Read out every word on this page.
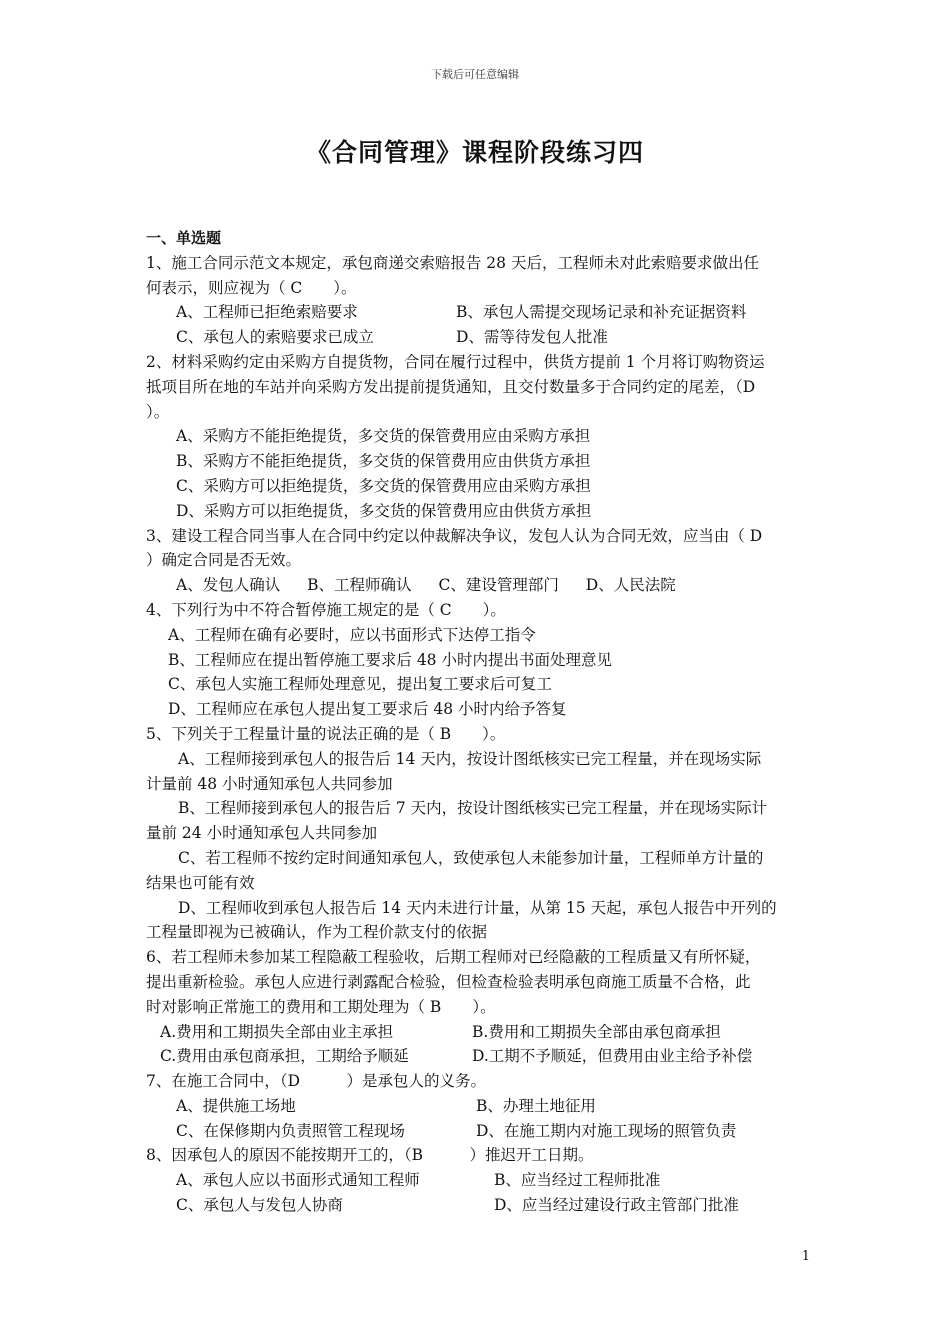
下载后可任意编辑
《合同管理》课程阶段练习四

一、单选题

1、施工合同示范文本规定，承包商递交索赔报告 28 天后，工程师未对此索赔要求做出任
何表示，则应视为（ C　　）。

A、工程师已拒绝索赔要求	B、承包人需提交现场记录和补充证据资料
C、承包人的索赔要求已成立	D、需等待发包人批准

2、材料采购约定由采购方自提货物，合同在履行过程中，供货方提前 1 个月将订购物资运
抵项目所在地的车站并向采购方发出提前提货通知，且交付数量多于合同约定的尾差，（D
）。

A、采购方不能拒绝提货，多交货的保管费用应由采购方承担
B、采购方不能拒绝提货，多交货的保管费用应由供货方承担
C、采购方可以拒绝提货，多交货的保管费用应由采购方承担
D、采购方可以拒绝提货，多交货的保管费用应由供货方承担

3、建设工程合同当事人在合同中约定以仲裁解决争议，发包人认为合同无效，应当由（ D
）确定合同是否无效。

A、发包人确认 B、工程师确认 C、建设管理部门 D、人民法院

4、下列行为中不符合暂停施工规定的是（ C　　）。

A、工程师在确有必要时，应以书面形式下达停工指令
B、工程师应在提出暂停施工要求后 48 小时内提出书面处理意见
C、承包人实施工程师处理意见，提出复工要求后可复工
D、工程师应在承包人提出复工要求后 48 小时内给予答复

5、下列关于工程量计量的说法正确的是（ B　　）。

A、工程师接到承包人的报告后 14 天内，按设计图纸核实已完工程量，并在现场实际
计量前 48 小时通知承包人共同参加
B、工程师接到承包人的报告后 7 天内，按设计图纸核实已完工程量，并在现场实际计
量前 24 小时通知承包人共同参加
C、若工程师不按约定时间通知承包人，致使承包人未能参加计量，工程师单方计量的
结果也可能有效
D、工程师收到承包人报告后 14 天内未进行计量，从第 15 天起，承包人报告中开列的
工程量即视为已被确认，作为工程价款支付的依据

6、若工程师未参加某工程隐蔽工程验收，后期工程师对已经隐蔽的工程质量又有所怀疑，
提出重新检验。承包人应进行剥露配合检验，但检查检验表明承包商施工质量不合格，此
时对影响正常施工的费用和工期处理为（ B　　）。

A.费用和工期损失全部由业主承担	B.费用和工期损失全部由承包商承担
C.费用由承包商承担，工期给予顺延	D.工期不予顺延，但费用由业主给予补偿

7、在施工合同中，（D　　　）是承包人的义务。

A、提供施工场地	B、办理土地征用
C、在保修期内负责照管工程现场	D、在施工期内对施工现场的照管负责

8、因承包人的原因不能按期开工的，（B　　　）推迟开工日期。

A、承包人应以书面形式通知工程师	B、应当经过工程师批准
C、承包人与发包人协商	D、应当经过建设行政主管部门批准
1
